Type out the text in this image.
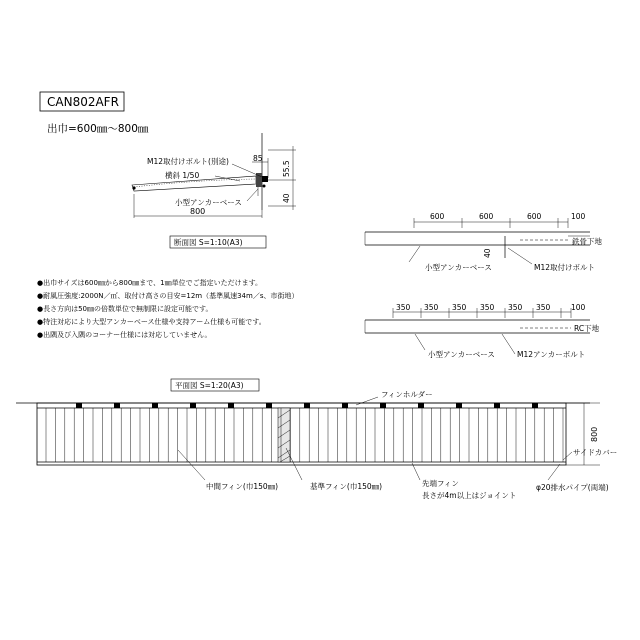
CAN802AFR
出巾=600㎜～800㎜
M12取付けボルト(別途)
横斜 1/50
小型アンカーベース
800
85
55.5
40
断面図 S=1:10(A3)
600	600	600	100
40
鉄骨下地
小型アンカーベース	M12取付けボルト
350 350 350 350 350 350	100
RC下地
小型アンカーベース	M12アンカーボルト
●出巾サイズは600㎜から800㎜まで、1㎜単位でご指定いただけます。
●耐風圧強度:2000N／㎡、取付け高さの目安=12m（基準風速34m／s、市街地）
●長さ方向は50㎜の倍数単位で無制限に設定可能です。
●特注対応により大型アンカーベース仕様や支持アーム仕様も可能です。
●出隅及び入隅のコーナー仕様には対応していません。
平面図 S=1:20(A3)
フィンホルダー
800
サイドカバー
中間フィン(巾150㎜)	基準フィン(巾150㎜)	先端フィン
長さが4m以上はジョイント
φ20排水パイプ(両端)
